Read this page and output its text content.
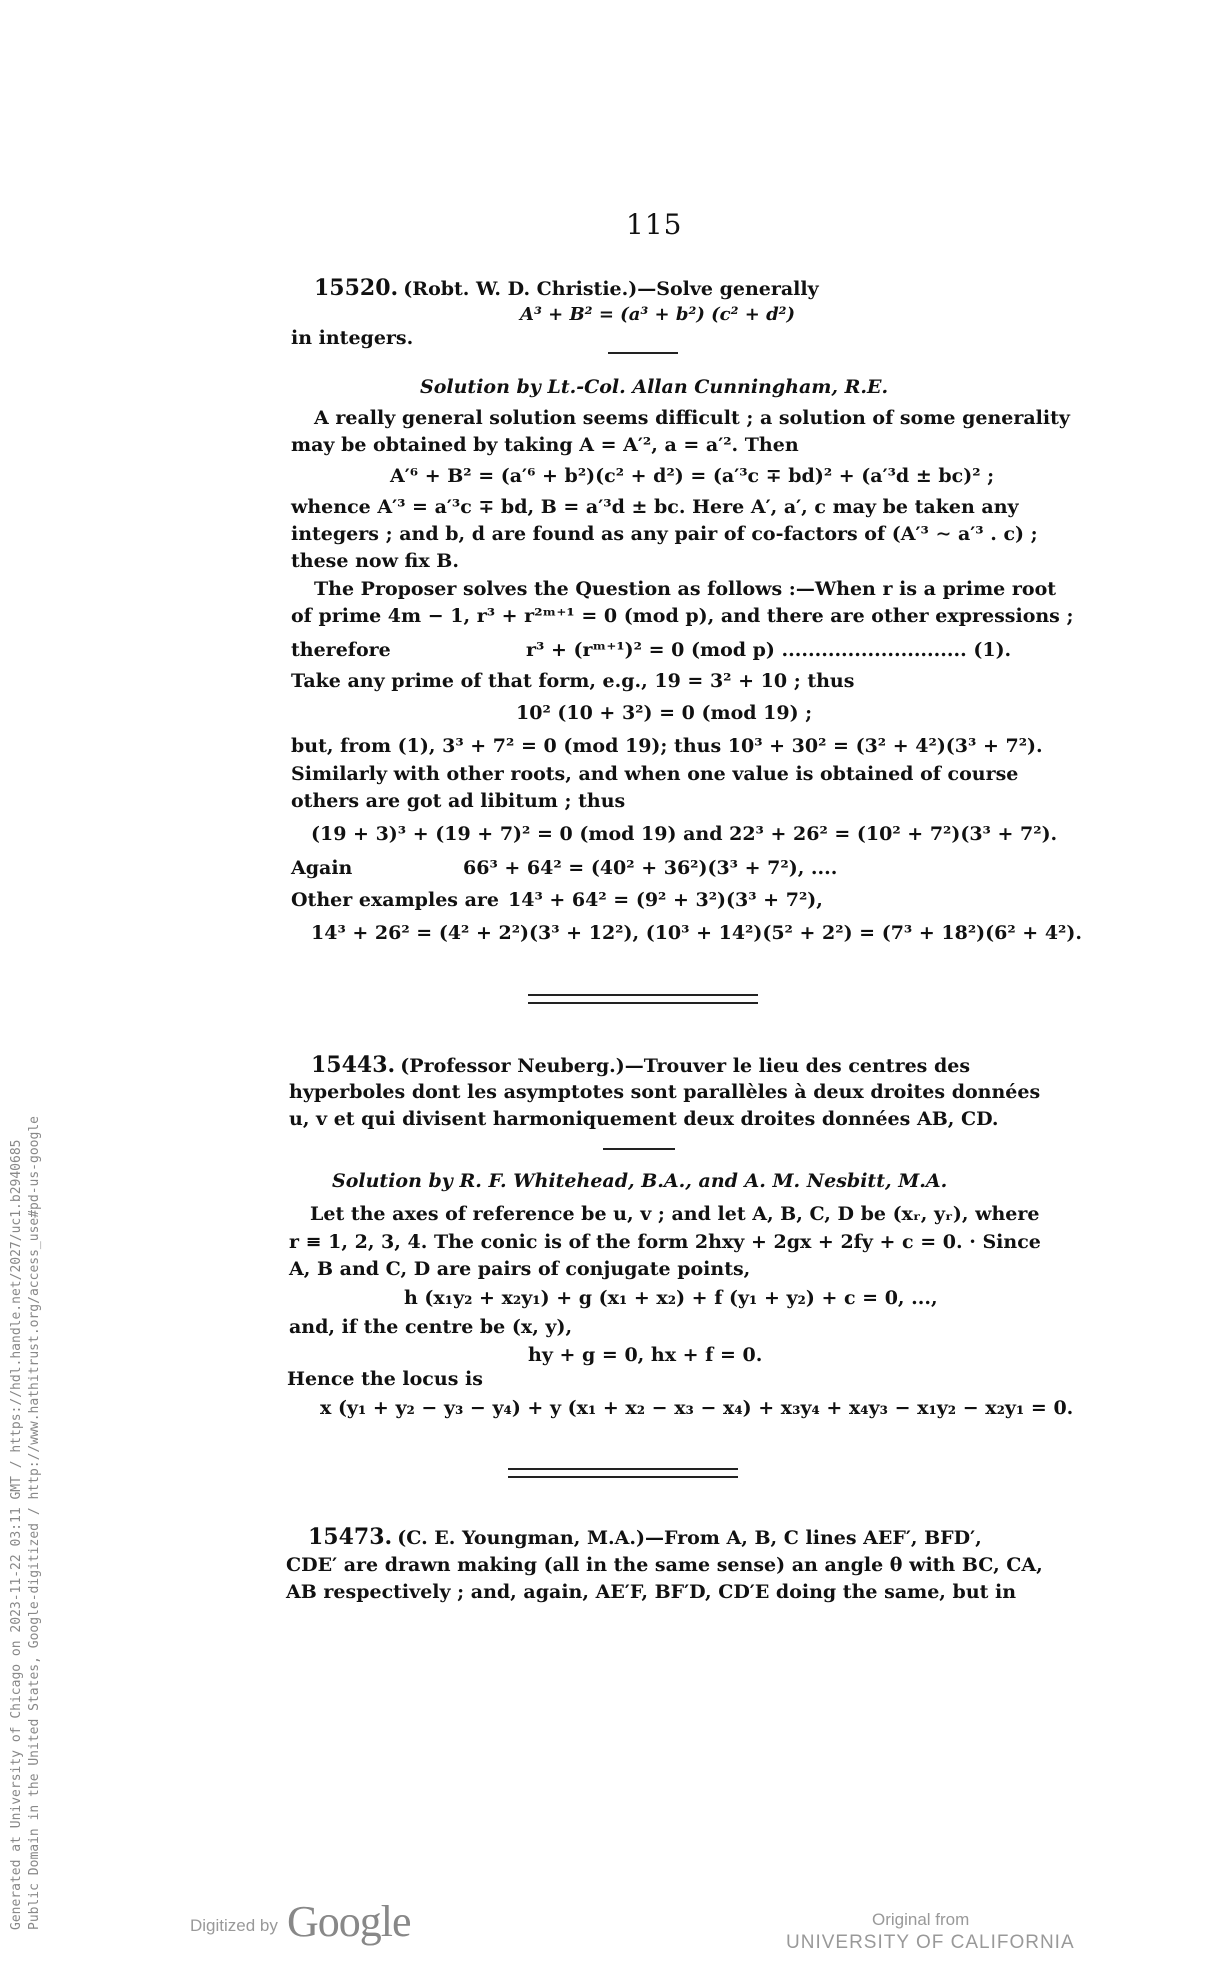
115
15520. (Robt. W. D. Christie.)—Solve generally
A³ + B² = (a³ + b²) (c² + d²)
in integers.
Solution by Lt.-Col. Allan Cunningham, R.E.
A really general solution seems difficult ; a solution of some generality
may be obtained by taking A = A′², a = a′². Then
A′⁶ + B² = (a′⁶ + b²)(c² + d²) = (a′³c ∓ bd)² + (a′³d ± bc)² ;
whence A′³ = a′³c ∓ bd, B = a′³d ± bc. Here A′, a′, c may be taken any
integers ; and b, d are found as any pair of co-factors of (A′³ ∼ a′³ . c) ;
these now fix B.
The Proposer solves the Question as follows :—When r is a prime root
of prime 4m − 1, r³ + r²ᵐ⁺¹ = 0 (mod p), and there are other expressions ;
therefore	r³ + (rᵐ⁺¹)² = 0 (mod p) ............................ (1).
Take any prime of that form, e.g., 19 = 3² + 10 ; thus
10² (10 + 3²) = 0 (mod 19) ;
but, from (1), 3³ + 7² = 0 (mod 19); thus 10³ + 30² = (3² + 4²)(3³ + 7²).
Similarly with other roots, and when one value is obtained of course
others are got ad libitum ; thus
(19 + 3)³ + (19 + 7)² = 0 (mod 19) and 22³ + 26² = (10² + 7²)(3³ + 7²).
Again	66³ + 64² = (40² + 36²)(3³ + 7²), ....
Other examples are 14³ + 64² = (9² + 3²)(3³ + 7²),
14³ + 26² = (4² + 2²)(3³ + 12²), (10³ + 14²)(5² + 2²) = (7³ + 18²)(6² + 4²).
15443. (Professor Neuberg.)—Trouver le lieu des centres des
hyperboles dont les asymptotes sont parallèles à deux droites données
u, v et qui divisent harmoniquement deux droites données AB, CD.
Solution by R. F. Whitehead, B.A., and A. M. Nesbitt, M.A.
Let the axes of reference be u, v ; and let A, B, C, D be (xᵣ, yᵣ), where
r ≡ 1, 2, 3, 4. The conic is of the form 2hxy + 2gx + 2fy + c = 0. · Since
A, B and C, D are pairs of conjugate points,
h (x₁y₂ + x₂y₁) + g (x₁ + x₂) + f (y₁ + y₂) + c = 0, ...,
and, if the centre be (x, y),
hy + g = 0, hx + f = 0.
Hence the locus is
x (y₁ + y₂ − y₃ − y₄) + y (x₁ + x₂ − x₃ − x₄) + x₃y₄ + x₄y₃ − x₁y₂ − x₂y₁ = 0.
15473. (C. E. Youngman, M.A.)—From A, B, C lines AEF′, BFD′,
CDE′ are drawn making (all in the same sense) an angle θ with BC, CA,
AB respectively ; and, again, AE′F, BF′D, CD′E doing the same, but in
Generated at University of Chicago on 2023-11-22 03:11 GMT / https://hdl.handle.net/2027/uc1.b2940685 Public Domain in the United States, Google-digitized / http://www.hathitrust.org/access_use#pd-us-google	Digitized by Google	Original from
UNIVERSITY OF CALIFORNIA
